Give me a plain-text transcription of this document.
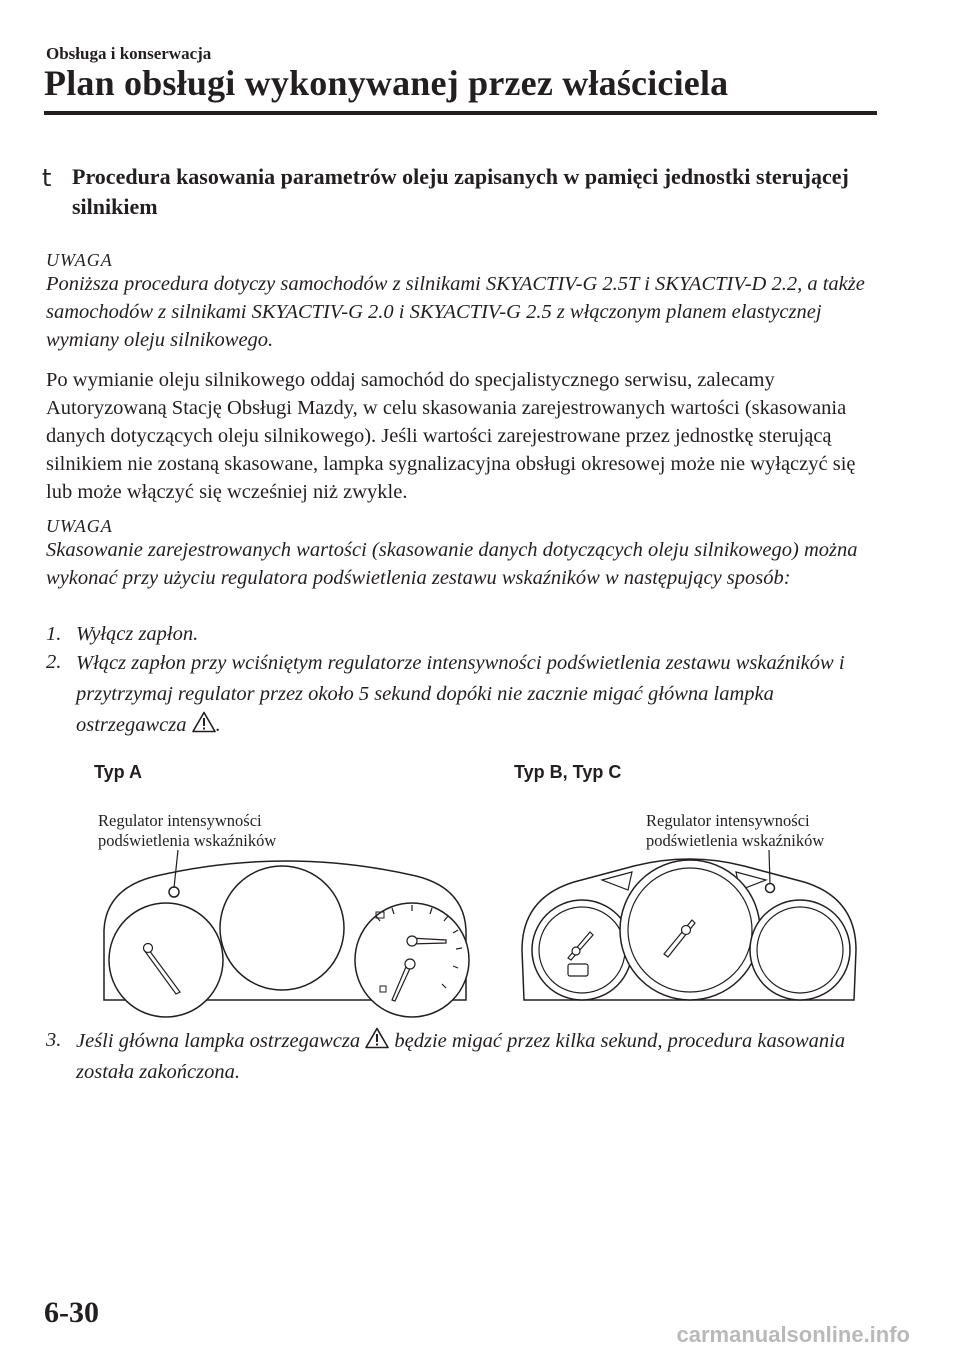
Obsługa i konserwacja
Plan obsługi wykonywanej przez właściciela
t Procedura kasowania parametrów oleju zapisanych w pamięci jednostki sterującej silnikiem
UWAGA

Poniższa procedura dotyczy samochodów z silnikami SKYACTIV-G 2.5T i SKYACTIV-D 2.2, a także samochodów z silnikami SKYACTIV-G 2.0 i SKYACTIV-G 2.5 z włączonym planem elastycznej wymiany oleju silnikowego.

Po wymianie oleju silnikowego oddaj samochód do specjalistycznego serwisu, zalecamy Autoryzowaną Stację Obsługi Mazdy, w celu skasowania zarejestrowanych wartości (skasowania danych dotyczących oleju silnikowego). Jeśli wartości zarejestrowane przez jednostkę sterującą silnikiem nie zostaną skasowane, lampka sygnalizacyjna obsługi okresowej może nie wyłączyć się lub może włączyć się wcześniej niż zwykle.

UWAGA

Skasowanie zarejestrowanych wartości (skasowanie danych dotyczących oleju silnikowego) można wykonać przy użyciu regulatora podświetlenia zestawu wskaźników w następujący sposób:

1. Wyłącz zapłon.
2. Włącz zapłon przy wciśniętym regulatorze intensywności podświetlenia zestawu wskaźników i przytrzymaj regulator przez około 5 sekund dopóki nie zacznie migać główna lampka ostrzegawcza .
Typ A	Typ B, Typ C
Regulator intensywności
podświetlenia wskaźników
Regulator intensywności
podświetlenia wskaźników
3. Jeśli główna lampka ostrzegawcza będzie migać przez kilka sekund, procedura kasowania została zakończona.
6-30
carmanualsonline.info
